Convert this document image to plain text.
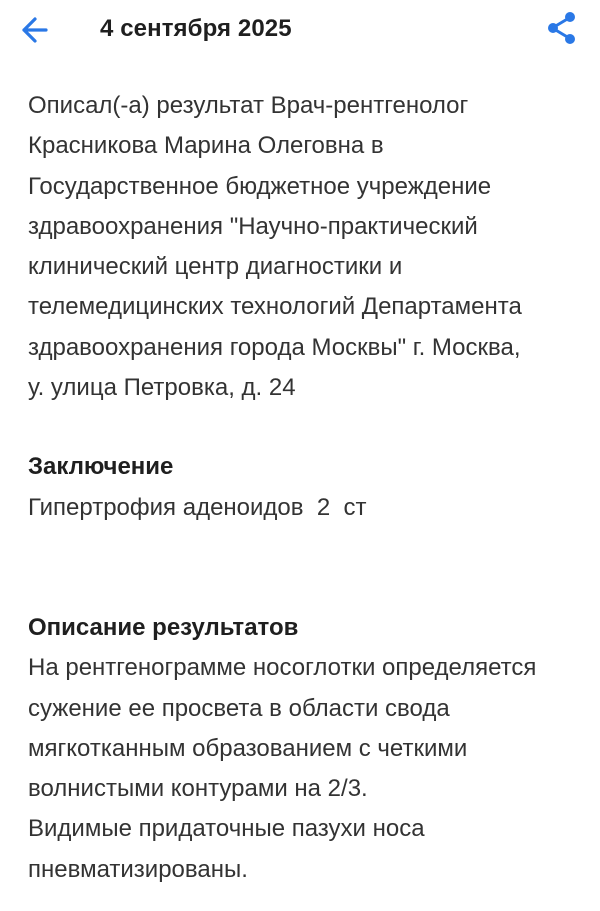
4 сентября 2025

Описал(-а) результат Врач-рентгенолог
Красникова Марина Олеговна в
Государственное бюджетное учреждение
здравоохранения "Научно-практический
клинический центр диагностики и
телемедицинских технологий Департамента
здравоохранения города Москвы" г. Москва,
у. улица Петровка, д. 24

Заключение

Гипертрофия аденоидов  2  ст

Описание результатов

На рентгенограмме носоглотки определяется
сужение ее просвета в области свода
мягкотканным образованием с четкими
волнистыми контурами на 2/3.
Видимые придаточные пазухи носа
пневматизированы.
